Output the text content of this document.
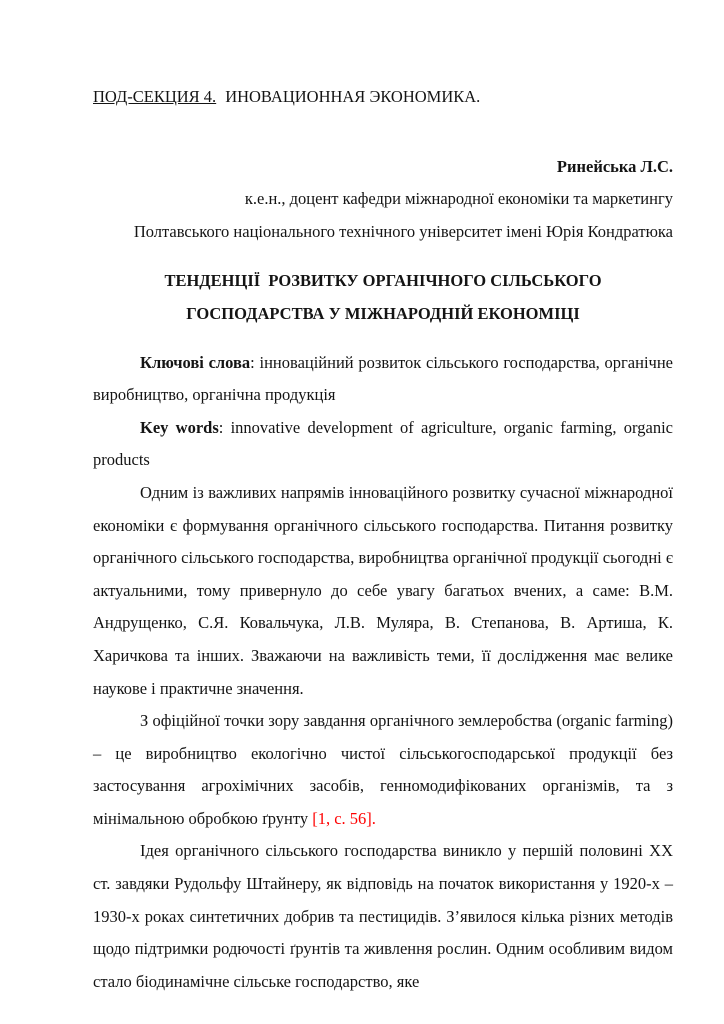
ПОД-СЕКЦИЯ 4. ИНОВАЦИОННАЯ ЭКОНОМИКА.

Ринейська Л.С.

к.е.н., доцент кафедри міжнародної економіки та маркетингу

Полтавського національного технічного університет імені Юрія Кондратюка

ТЕНДЕНЦІЇ  РОЗВИТКУ ОРГАНІЧНОГО СІЛЬСЬКОГО
ГОСПОДАРСТВА У МІЖНАРОДНІЙ ЕКОНОМІЦІ

Ключові слова: інноваційний розвиток сільського господарства, органічне виробництво, органічна продукція

Key words: innovative development of agriculture, organic farming, organic products

Одним із важливих напрямів інноваційного розвитку сучасної міжнародної економіки є формування органічного сільського господарства. Питання розвитку органічного сільського господарства, виробництва органічної продукції сьогодні є актуальними, тому привернуло до себе увагу багатьох вчених, а саме: В.М. Андрущенко, С.Я. Ковальчука, Л.В. Муляра, В. Степанова, В. Артиша, К. Харичкова та інших. Зважаючи на важливість теми, її дослідження має велике наукове і практичне значення.

З офіційної точки зору завдання органічного землеробства (organic farming) – це виробництво екологічно чистої сільськогосподарської продукції без застосування агрохімічних засобів, генномодифікованих організмів, та з мінімальною обробкою ґрунту [1, с. 56].

Ідея органічного сільського господарства виникло у першій половині ХХ ст. завдяки Рудольфу Штайнеру, як відповідь на початок використання у 1920-х – 1930-х роках синтетичних добрив та пестицидів. З’явилося кілька різних методів щодо підтримки родючості ґрунтів та живлення рослин. Одним особливим видом стало біодинамічне сільське господарство, яке
